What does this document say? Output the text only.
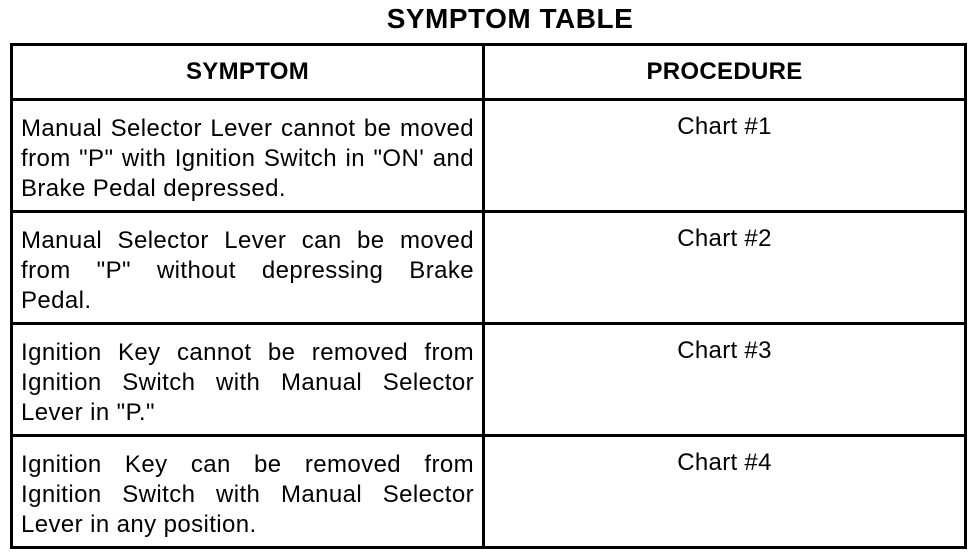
SYMPTOM TABLE
SYMPTOM	PROCEDURE

Manual Selector Lever cannot be moved from "P" with Ignition Switch in "ON' and Brake Pedal depressed.	Chart #1

Manual Selector Lever can be moved from "P" without depressing Brake Pedal.	Chart #2

Ignition Key cannot be removed from Ignition Switch with Manual Selector Lever in "P."	Chart #3

Ignition Key can be removed from Ignition Switch with Manual Selector Lever in any position.	Chart #4
